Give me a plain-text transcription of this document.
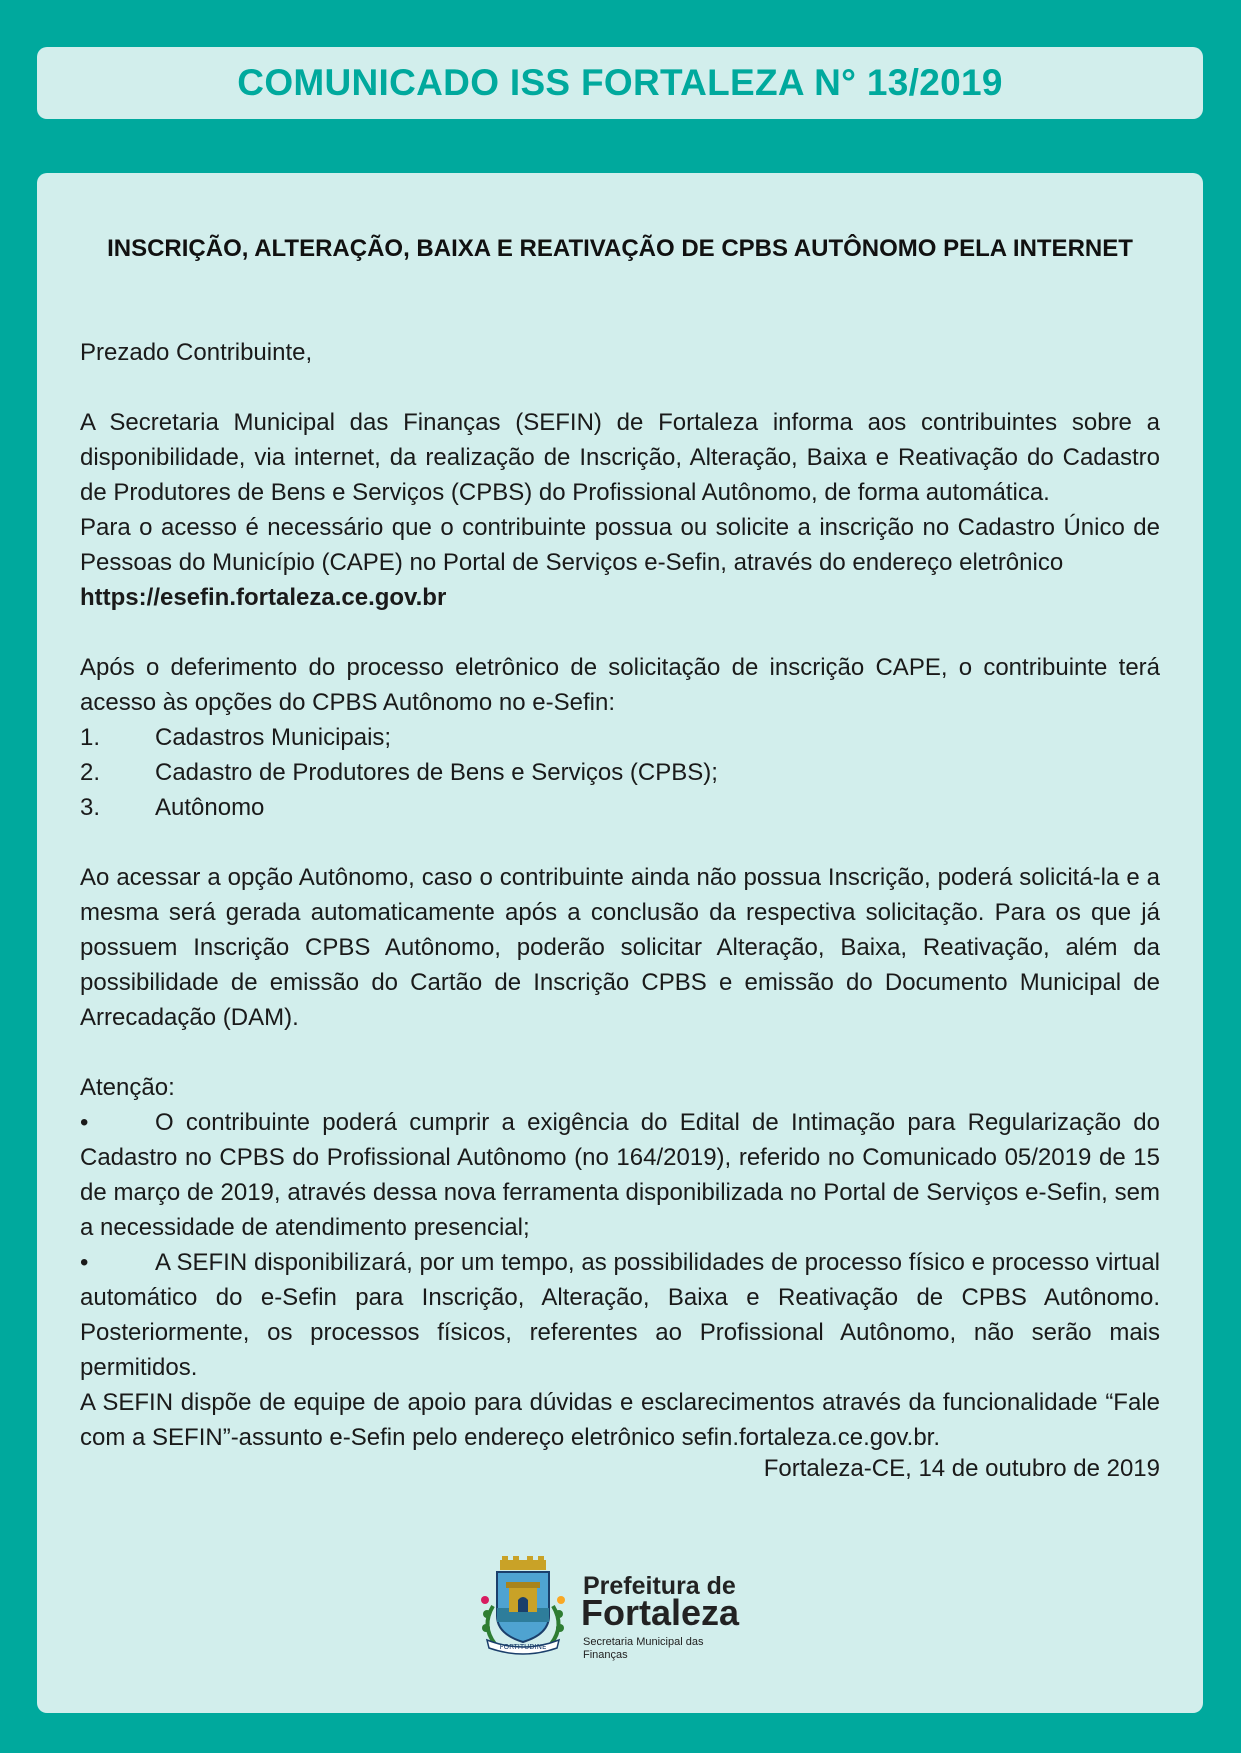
COMUNICADO ISS FORTALEZA N° 13/2019
INSCRIÇÃO, ALTERAÇÃO, BAIXA E REATIVAÇÃO DE CPBS AUTÔNOMO PELA INTERNET

Prezado Contribuinte,

A Secretaria Municipal das Finanças (SEFIN) de Fortaleza informa aos contribuintes sobre a disponibilidade, via internet, da realização de Inscrição, Alteração, Baixa e Reativação do Cadastro de Produtores de Bens e Serviços (CPBS) do Profissional Autônomo, de forma automática.

Para o acesso é necessário que o contribuinte possua ou solicite a inscrição no Cadastro Único de Pessoas do Município (CAPE) no Portal de Serviços e-Sefin, através do endereço eletrônico

https://esefin.fortaleza.ce.gov.br

Após o deferimento do processo eletrônico de solicitação de inscrição CAPE, o contribuinte terá acesso às opções do CPBS Autônomo no e-Sefin:

1.	Cadastros Municipais;
2.	Cadastro de Produtores de Bens e Serviços (CPBS);
3.	Autônomo

Ao acessar a opção Autônomo, caso o contribuinte ainda não possua Inscrição, poderá solicitá-la e a mesma será gerada automaticamente após a conclusão da respectiva solicitação. Para os que já possuem Inscrição CPBS Autônomo, poderão solicitar Alteração, Baixa, Reativação, além da possibilidade de emissão do Cartão de Inscrição CPBS e emissão do Documento Municipal de Arrecadação (DAM).

Atenção:

•	O contribuinte poderá cumprir a exigência do Edital de Intimação para Regularização do Cadastro no CPBS do Profissional Autônomo (no 164/2019), referido no Comunicado 05/2019 de 15 de março de 2019, através dessa nova ferramenta disponibilizada no Portal de Serviços e-Sefin, sem a necessidade de atendimento presencial;

•	A SEFIN disponibilizará, por um tempo, as possibilidades de processo físico e processo virtual automático do e-Sefin para Inscrição, Alteração, Baixa e Reativação de CPBS Autônomo. Posteriormente, os processos físicos, referentes ao Profissional Autônomo, não serão mais permitidos.

A SEFIN dispõe de equipe de apoio para dúvidas e esclarecimentos através da funcionalidade “Fale com a SEFIN”-assunto e-Sefin pelo endereço eletrônico sefin.fortaleza.ce.gov.br.

Fortaleza-CE, 14 de outubro de 2019
FORTITUDINE
Prefeitura de
Fortaleza
Secretaria Municipal das Finanças
